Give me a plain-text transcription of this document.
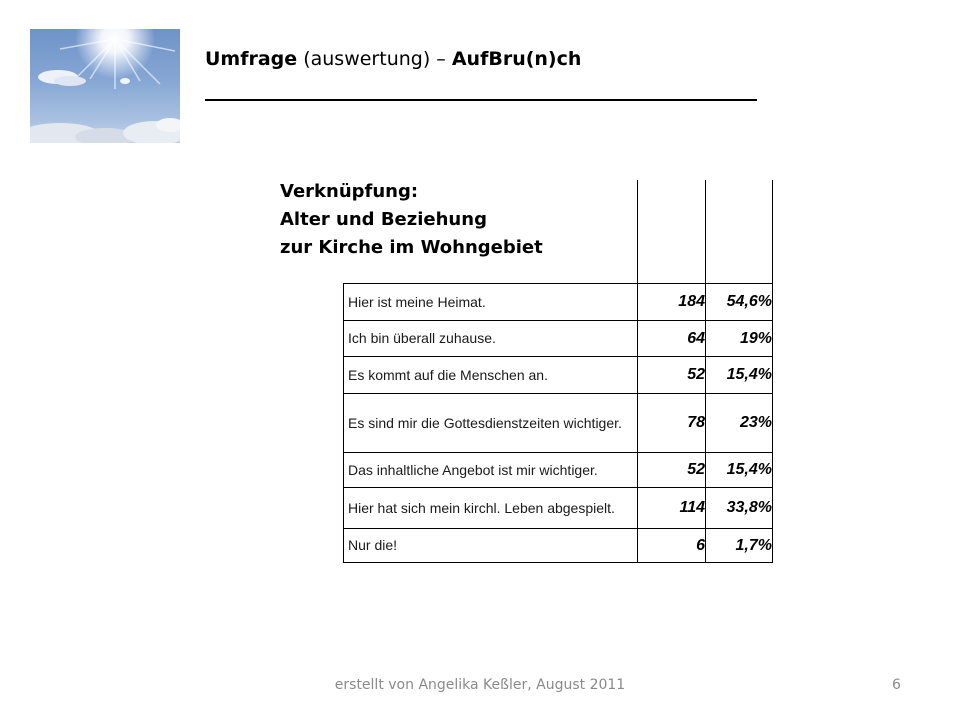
Umfrage (auswertung) – AufBru(n)ch
Verknüpfung:
Alter und Beziehung
zur Kirche im Wohngebiet
Hier ist meine Heimat.	184	54,6%

Ich bin überall zuhause.	64	19%

Es kommt auf die Menschen an.	52	15,4%

Es sind mir die Gottesdienstzeiten wichtiger.	78	23%

Das inhaltliche Angebot ist mir wichtiger.	52	15,4%

Hier hat sich mein kirchl. Leben abgespielt.	114	33,8%

Nur die!	6	1,7%
erstellt von Angelika Keßler, August 2011	6
